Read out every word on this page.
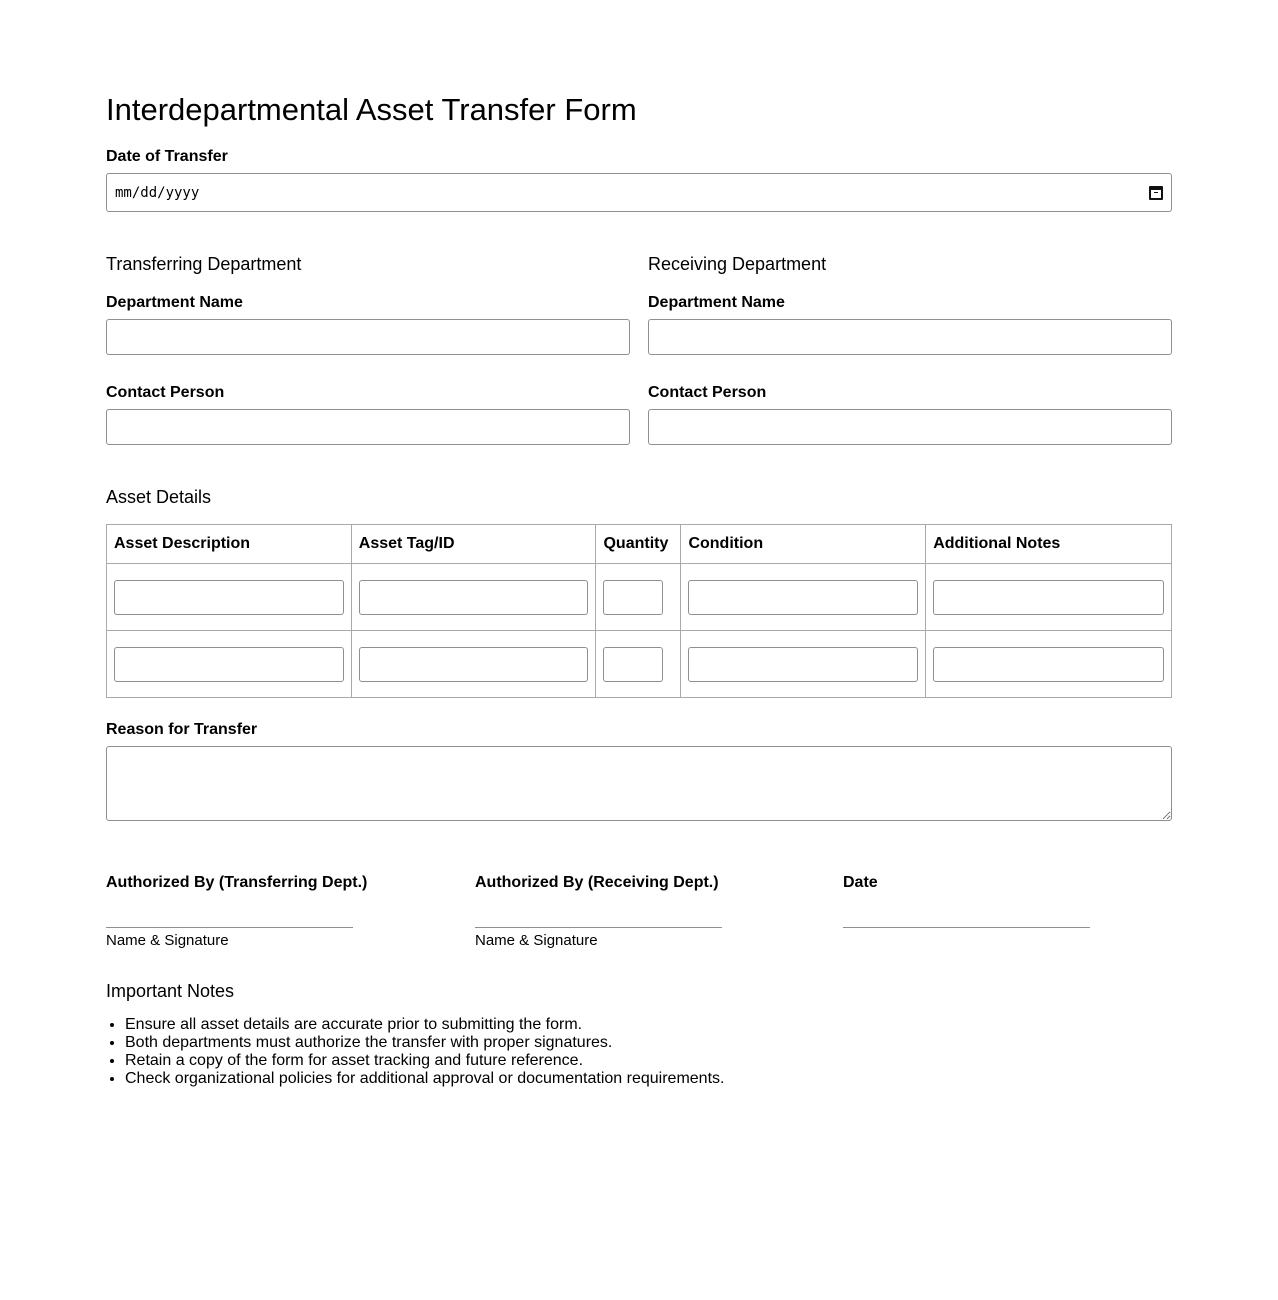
Interdepartmental Asset Transfer Form
Date of Transfer
mm/dd/yyyy
Transferring Department
Department Name
Contact Person
Receiving Department
Department Name
Contact Person
Asset Details
Asset Description	Asset Tag/ID	Quantity	Condition	Additional Notes

Reason for Transfer
Authorized By (Transferring Dept.)
Name & Signature
Authorized By (Receiving Dept.)
Name & Signature
Date
Important Notes
• Ensure all asset details are accurate prior to submitting the form.
• Both departments must authorize the transfer with proper signatures.
• Retain a copy of the form for asset tracking and future reference.
• Check organizational policies for additional approval or documentation requirements.
